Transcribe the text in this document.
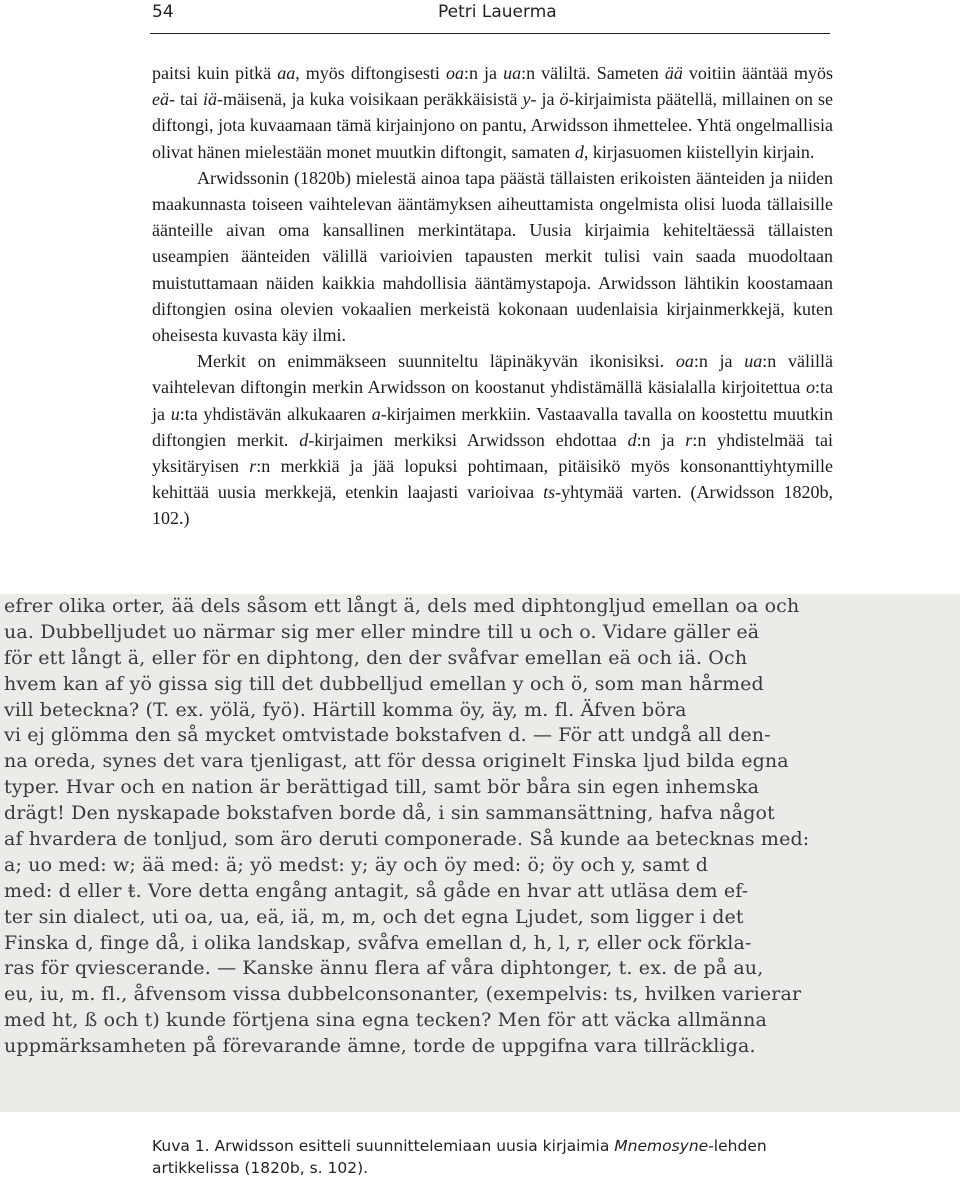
54	Petri Lauerma

paitsi kuin pitkä aa, myös diftongisesti oa:n ja ua:n väliltä. Sameten ää voitiin ääntää myös eä- tai iä-mäisenä, ja kuka voisikaan peräkkäisistä y- ja ö-kirjaimista päätellä, millainen on se diftongi, jota kuvaamaan tämä kirjainjono on pantu, Arwidsson ihmettelee. Yhtä ongelmallisia olivat hänen mielestään monet muutkin diftongit, samaten d, kirjasuomen kiistellyin kirjain.

Arwidssonin (1820b) mielestä ainoa tapa päästä tällaisten erikoisten äänteiden ja niiden maakunnasta toiseen vaihtelevan ääntämyksen aiheuttamista ongelmista olisi luoda tällaisille äänteille aivan oma kansallinen merkintätapa. Uusia kirjaimia kehiteltäessä tällaisten useampien äänteiden välillä varioivien tapausten merkit tulisi vain saada muodoltaan muistuttamaan näiden kaikkia mahdollisia ääntämystapoja. Arwidsson lähtikin koostamaan diftongien osina olevien vokaalien merkeistä kokonaan uudenlaisia kirjainmerkkejä, kuten oheisesta kuvasta käy ilmi.

Merkit on enimmäkseen suunniteltu läpinäkyvän ikonisiksi. oa:n ja ua:n välillä vaihtelevan diftongin merkin Arwidsson on koostanut yhdistämällä käsialalla kirjoitettua o:ta ja u:ta yhdistävän alkukaaren a-kirjaimen merkkiin. Vastaavalla tavalla on koostettu muutkin diftongien merkit. d-kirjaimen merkiksi Arwidsson ehdottaa d:n ja r:n yhdistelmää tai yksitäryisen r:n merkkiä ja jää lopuksi pohtimaan, pitäisikö myös konsonanttiyhtymille kehittää uusia merkkejä, etenkin laajasti varioivaa ts-yhtymää varten. (Arwidsson 1820b, 102.)

efrer olika orter, ää dels såsom ett långt ä, dels med diphtongljud emellan oa och

ua. Dubbelljudet uo närmar sig mer eller mindre till u och o. Vidare gäller eä

för ett långt ä, eller för en diphtong, den der svåfvar emellan eä och iä. Och

hvem kan af yö gissa sig till det dubbelljud emellan y och ö, som man hårmed

vill betecknа? (T. ex. yölä, fyö). Härtill komma öy, äy, m. fl. Äfven böra

vi ej glömma den så mycket omtvistade bokstafven d. — För att undgå all den-

na oreda, synes det vara tjenligast, att för dessa originelt Finska ljud bilda egna

typer. Hvar och en nation är berättigad till, samt bör båra sin egen inhemska

drägt! Den nyskapade bokstafven borde då, i sin sammansättning, hafva något

af hvardera de tonljud, som äro deruti componerade. Så kunde aa betecknas med:

a; uo med: w; ää med: ä; yö medst: y; äy och öy med: ö; öy och y, samt d

med: d eller ŧ. Vore detta engång antagit, så gåde en hvar att utläsa dem ef-

ter sin dialect, uti oa, ua, eä, iä, m, m, och det egna Ljudet, som ligger i det

Finska d, finge då, i olika landskap, svåfva emellan d, h, l, r, eller ock förkla-

ras för qviescerande. — Kanske ännu flera af våra diphtonger, t. ex. de på au,

eu, iu, m. fl., åfvensom vissa dubbelconsonanter, (exempelvis: ts, hvilken varierar

med ht, ß och t) kunde förtjena sina egna tecken? Men för att väcka allmänna

uppmärksamheten på förevarande ämne, torde de uppgifna vara tillräckliga.

Kuva 1. Arwidsson esitteli suunnittelemiaan uusia kirjaimia Mnemosyne-lehden artikkelissa (1820b, s. 102).
